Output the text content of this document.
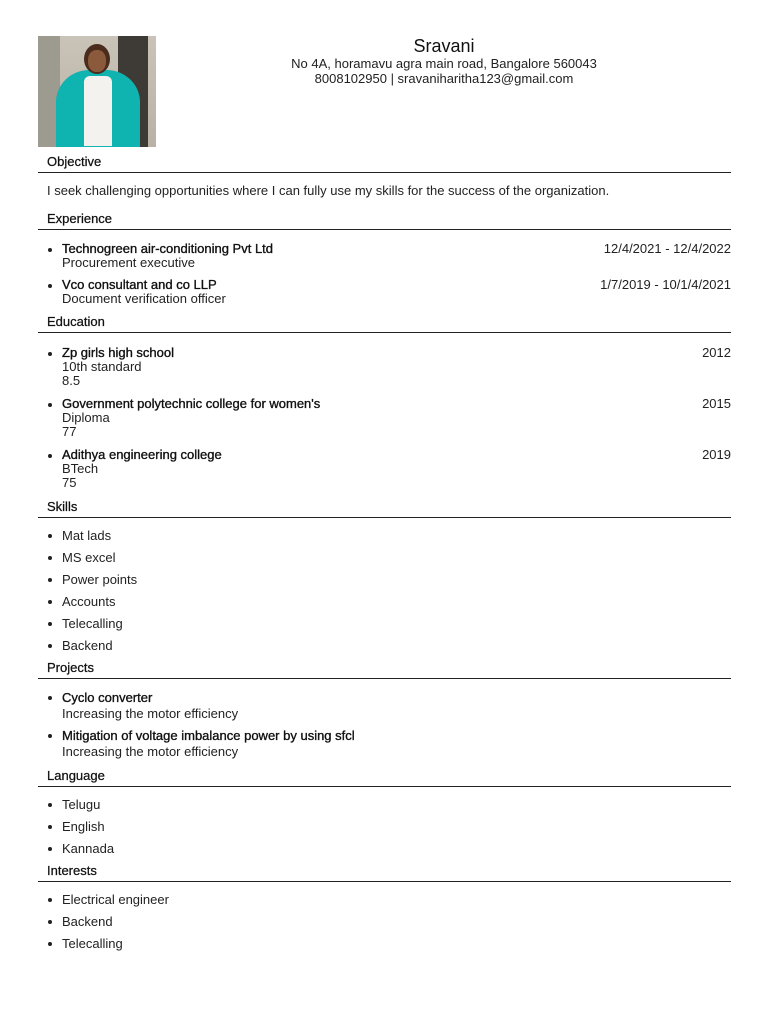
Sravani
No 4A, horamavu agra main road, Bangalore 560043
8008102950 | sravaniharitha123@gmail.com
Objective
I seek challenging opportunities where I can fully use my skills for the success of the organization.
Experience
Technogreen air-conditioning Pvt Ltd	12/4/2021 - 12/4/2022
Procurement executive
Vco consultant and co LLP	1/7/2019 - 10/1/4/2021
Document verification officer
Education
Zp girls high school	2012
10th standard
8.5
Government polytechnic college for women's	2015
Diploma
77
Adithya engineering college	2019
BTech
75
Skills
Mat lads
MS excel
Power points
Accounts
Telecalling
Backend
Projects
Cyclo converter
Increasing the motor efficiency
Mitigation of voltage imbalance power by using sfcl
Increasing the motor efficiency
Language
Telugu
English
Kannada
Interests
Electrical engineer
Backend
Telecalling
